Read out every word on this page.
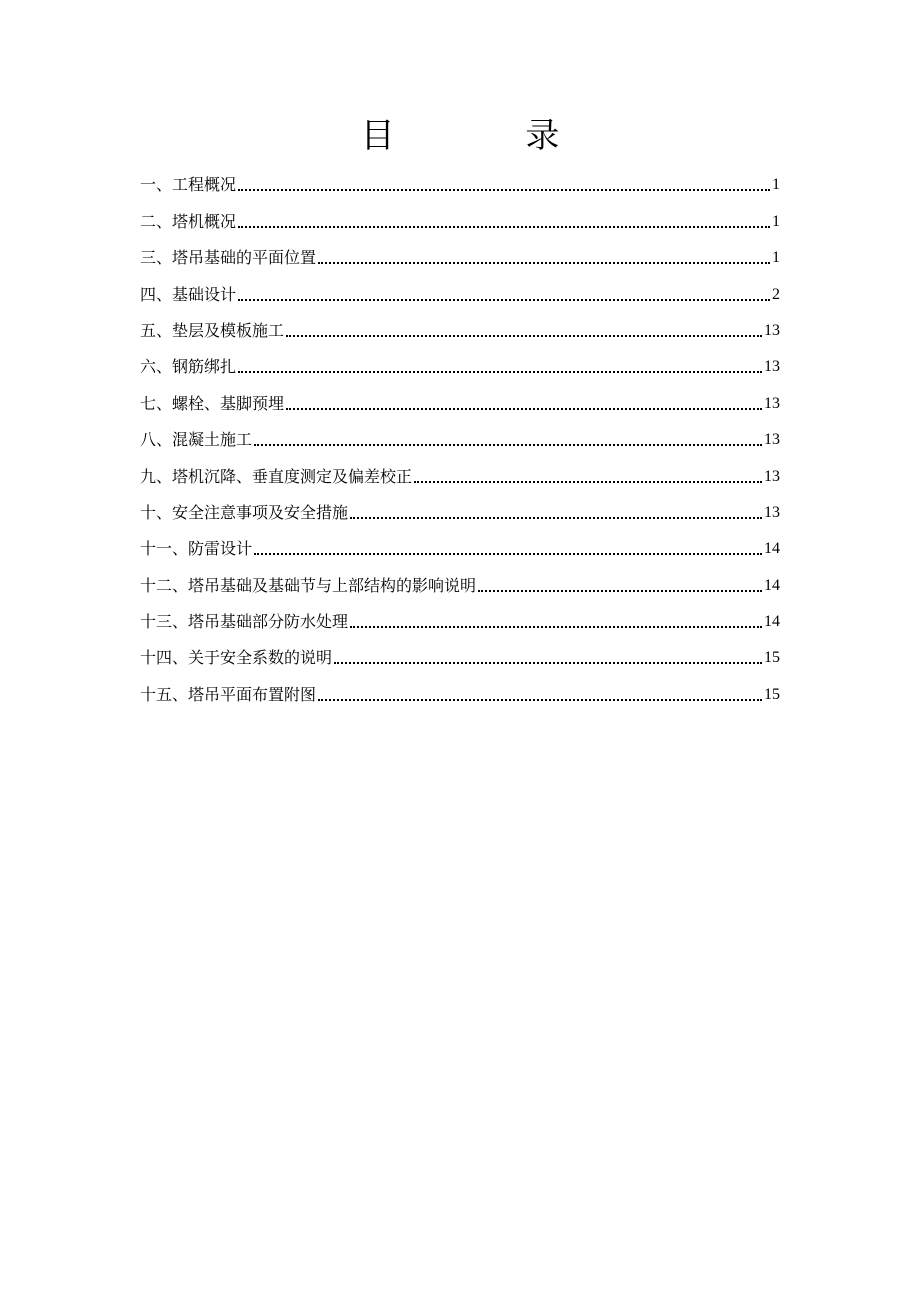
目 录
一、工程概况	1
二、塔机概况	1
三、塔吊基础的平面位置	1
四、基础设计	2
五、垫层及模板施工	13
六、钢筋绑扎	13
七、螺栓、基脚预埋	13
八、混凝土施工	13
九、塔机沉降、垂直度测定及偏差校正	13
十、安全注意事项及安全措施	13
十一、防雷设计	14
十二、塔吊基础及基础节与上部结构的影响说明	14
十三、塔吊基础部分防水处理	14
十四、关于安全系数的说明	15
十五、塔吊平面布置附图	15
